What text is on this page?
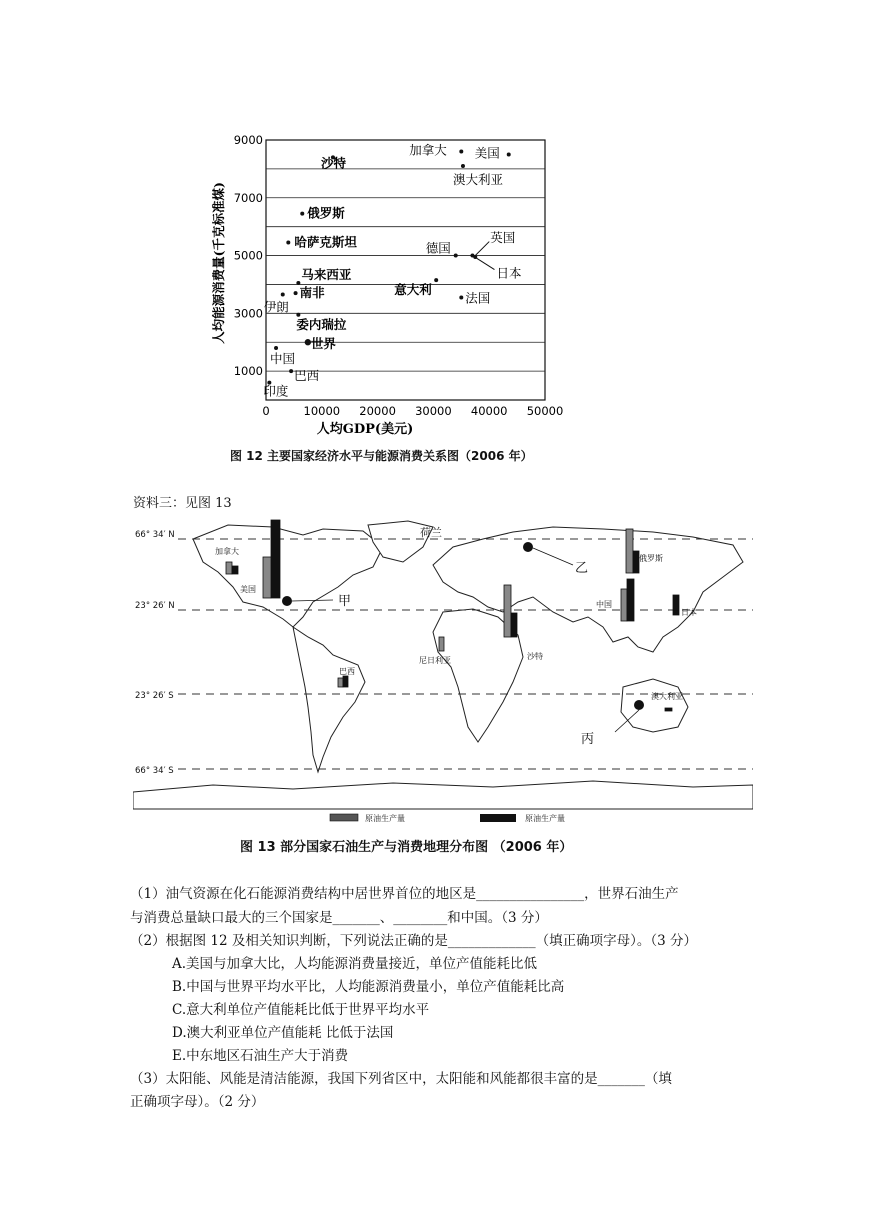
1000
3000
5000
7000
9000
0	10000 20000 30000 40000 50000
沙特
加拿大 美国
澳大利亚
俄罗斯
哈萨克斯坦	德国
英国
日本
马来西亚
伊朗
南非	意大利
法国
委内瑞拉
世界
中国
巴西
印度
人均GDP(美元)
人均能源消费量(千克标准煤)
图 12 主要国家经济水平与能源消费关系图（2006 年）
资料三：见图 13
66° 34′ N
23° 26′ N
23° 26′ S
66° 34′ S
甲
乙
丙
加拿大
美国
荷兰
俄罗斯
中国
日本
沙特
尼日利亚
巴西
澳大利亚
原油生产量	原油生产量
图 13 部分国家石油生产与消费地理分布图 （2006 年）
（1）油气资源在化石能源消费结构中居世界首位的地区是________________，世界石油生产
与消费总量缺口最大的三个国家是_______、________和中国。（3 分）
（2）根据图 12 及相关知识判断，下列说法正确的是_____________（填正确项字母）。（3 分）
A.美国与加拿大比，人均能源消费量接近，单位产值能耗比低
B.中国与世界平均水平比，人均能源消费量小，单位产值能耗比高
C.意大利单位产值能耗比低于世界平均水平
D.澳大利亚单位产值能耗 比低于法国
E.中东地区石油生产大于消费
（3）太阳能、风能是清洁能源，我国下列省区中，太阳能和风能都很丰富的是_______（填
正确项字母）。（2 分）
